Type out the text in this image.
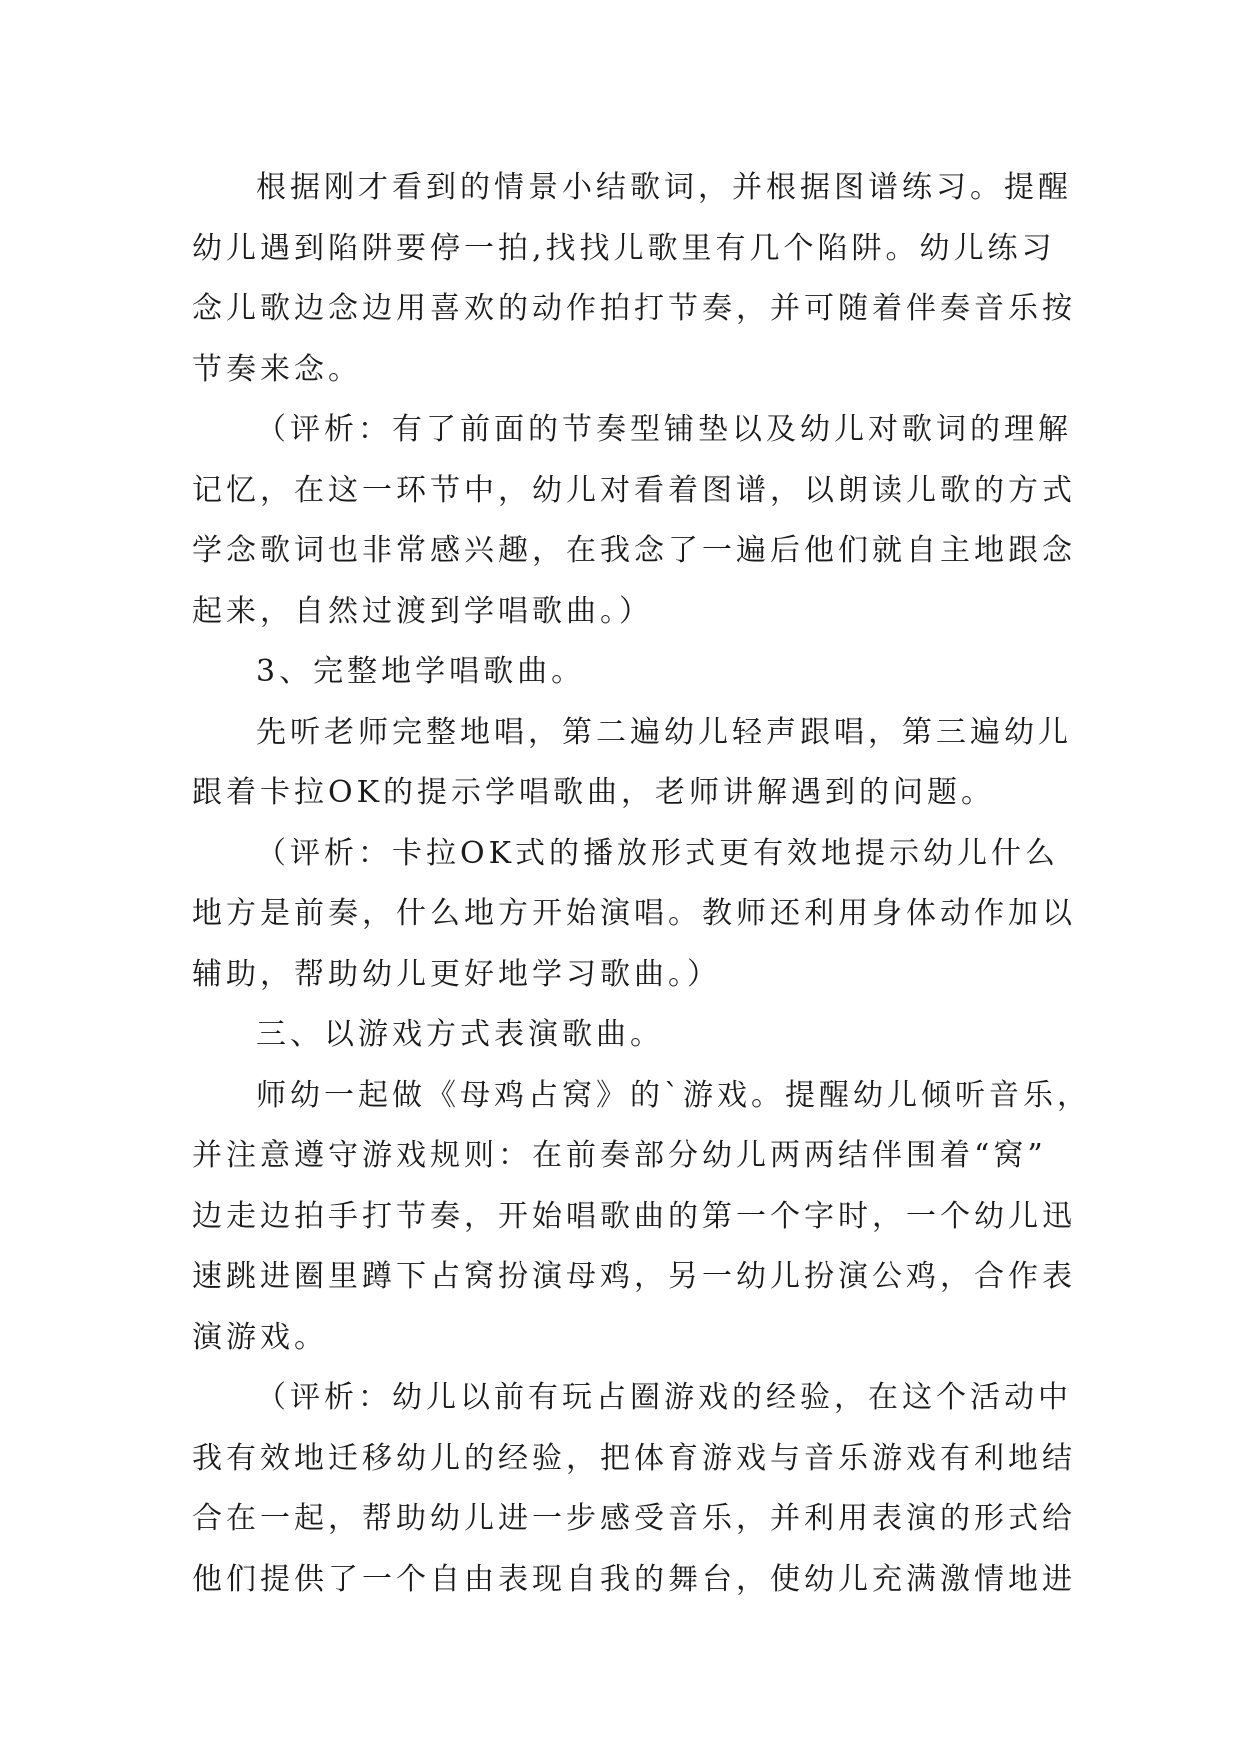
根据刚才看到的情景小结歌词，并根据图谱练习。提醒
幼儿遇到陷阱要停一拍,找找儿歌里有几个陷阱。幼儿练习
念儿歌边念边用喜欢的动作拍打节奏，并可随着伴奏音乐按
节奏来念。
（评析：有了前面的节奏型铺垫以及幼儿对歌词的理解
记忆，在这一环节中，幼儿对看着图谱，以朗读儿歌的方式
学念歌词也非常感兴趣，在我念了一遍后他们就自主地跟念
起来，自然过渡到学唱歌曲。）
3、完整地学唱歌曲。
先听老师完整地唱，第二遍幼儿轻声跟唱，第三遍幼儿
跟着卡拉OK的提示学唱歌曲，老师讲解遇到的问题。
（评析：卡拉OK式的播放形式更有效地提示幼儿什么
地方是前奏，什么地方开始演唱。教师还利用身体动作加以
辅助，帮助幼儿更好地学习歌曲。）
三、以游戏方式表演歌曲。
师幼一起做《母鸡占窝》的`游戏。提醒幼儿倾听音乐，
并注意遵守游戏规则：在前奏部分幼儿两两结伴围着“窝”
边走边拍手打节奏，开始唱歌曲的第一个字时，一个幼儿迅
速跳进圈里蹲下占窝扮演母鸡，另一幼儿扮演公鸡，合作表
演游戏。
（评析：幼儿以前有玩占圈游戏的经验，在这个活动中
我有效地迁移幼儿的经验，把体育游戏与音乐游戏有利地结
合在一起，帮助幼儿进一步感受音乐，并利用表演的形式给
他们提供了一个自由表现自我的舞台，使幼儿充满激情地进
